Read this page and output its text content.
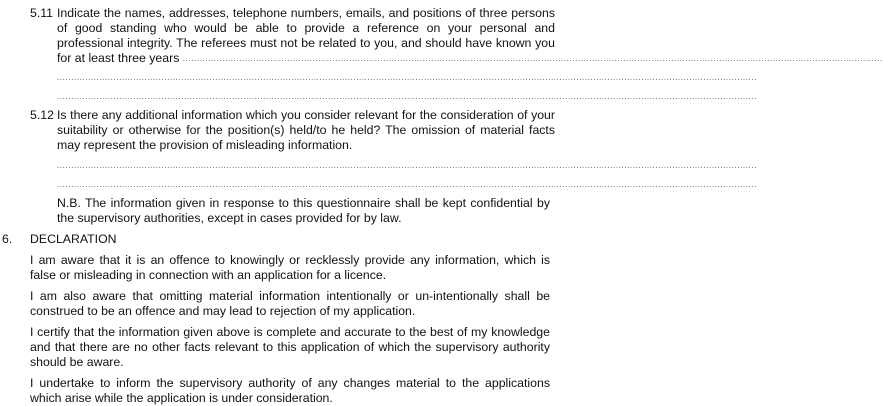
5.11 Indicate the names, addresses, telephone numbers, emails, and positions of three persons of good standing who would be able to provide a reference on your personal and professional integrity. The referees must not be related to you, and should have known you for at least three years ........................................................................................................................................................................................................................................................
........................................................................................................................................................................................................................................................
........................................................................................................................................................................................................................................................
5.12 Is there any additional information which you consider relevant for the consideration of your suitability or otherwise for the position(s) held/to he held? The omission of material facts may represent the provision of misleading information.
........................................................................................................................................................................................................................................................
........................................................................................................................................................................................................................................................
N.B. The information given in response to this questionnaire shall be kept confidential by the supervisory authorities, except in cases provided for by law.
6. DECLARATION
I am aware that it is an offence to knowingly or recklessly provide any information, which is false or misleading in connection with an application for a licence.
I am also aware that omitting material information intentionally or un-intentionally shall be construed to be an offence and may lead to rejection of my application.
I certify that the information given above is complete and accurate to the best of my knowledge and that there are no other facts relevant to this application of which the supervisory authority should be aware.
I undertake to inform the supervisory authority of any changes material to the applications which arise while the application is under consideration.
